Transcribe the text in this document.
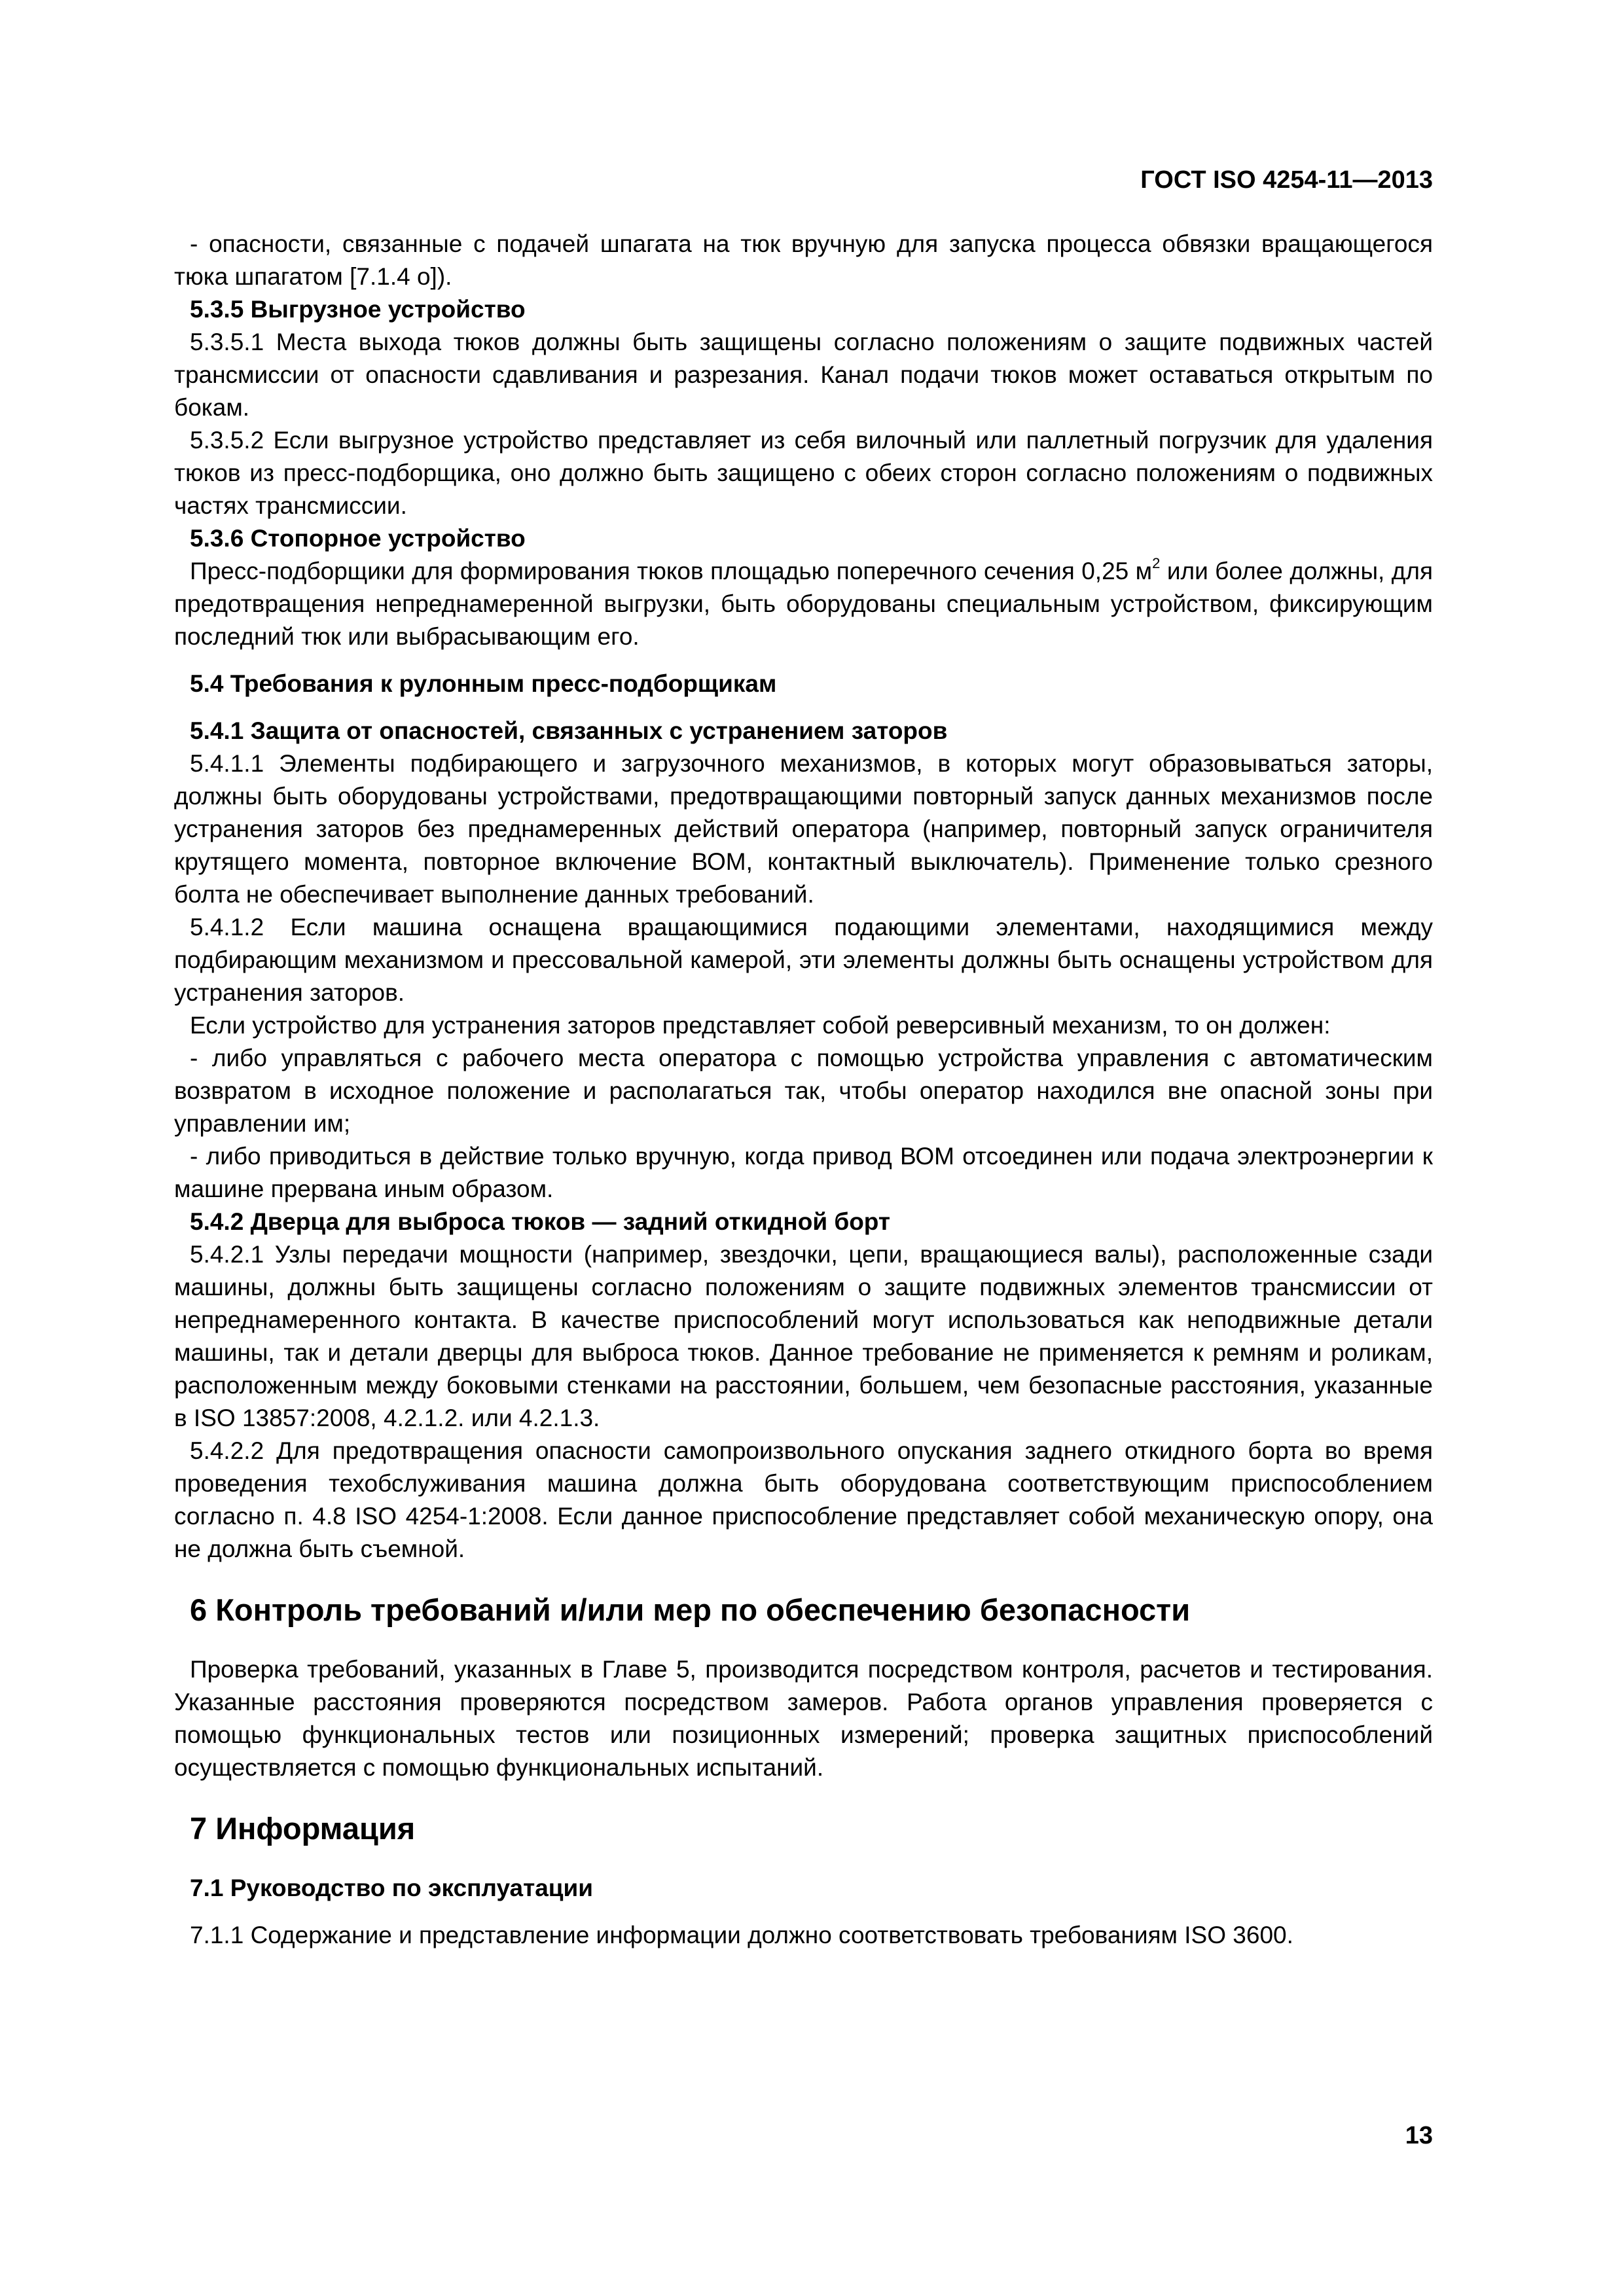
ГОСТ ISO 4254-11—2013

- опасности, связанные с подачей шпагата на тюк вручную для запуска процесса обвязки вращающегося тюка шпагатом [7.1.4 о]).

5.3.5 Выгрузное устройство

5.3.5.1 Места выхода тюков должны быть защищены согласно положениям о защите подвижных частей трансмиссии от опасности сдавливания и разрезания. Канал подачи тюков может оставаться открытым по бокам.

5.3.5.2 Если выгрузное устройство представляет из себя вилочный или паллетный погрузчик для удаления тюков из пресс-подборщика, оно должно быть защищено с обеих сторон согласно положениям о подвижных частях трансмиссии.

5.3.6 Стопорное устройство

Пресс-подборщики для формирования тюков площадью поперечного сечения 0,25 $м^2$ или более должны, для предотвращения непреднамеренной выгрузки, быть оборудованы специальным устройством, фиксирующим последний тюк или выбрасывающим его.

5.4 Требования к рулонным пресс-подборщикам

5.4.1 Защита от опасностей, связанных с устранением заторов

5.4.1.1 Элементы подбирающего и загрузочного механизмов, в которых могут образовываться заторы, должны быть оборудованы устройствами, предотвращающими повторный запуск данных механизмов после устранения заторов без преднамеренных действий оператора (например, повторный запуск ограничителя крутящего момента, повторное включение ВОМ, контактный выключатель). Применение только срезного болта не обеспечивает выполнение данных требований.

5.4.1.2 Если машина оснащена вращающимися подающими элементами, находящимися между подбирающим механизмом и прессовальной камерой, эти элементы должны быть оснащены устройством для устранения заторов.

Если устройство для устранения заторов представляет собой реверсивный механизм, то он должен:

- либо управляться с рабочего места оператора с помощью устройства управления с автоматическим возвратом в исходное положение и располагаться так, чтобы оператор находился вне опасной зоны при управлении им;

- либо приводиться в действие только вручную, когда привод ВОМ отсоединен или подача электроэнергии к машине прервана иным образом.

5.4.2 Дверца для выброса тюков — задний откидной борт

5.4.2.1 Узлы передачи мощности (например, звездочки, цепи, вращающиеся валы), расположенные сзади машины, должны быть защищены согласно положениям о защите подвижных элементов трансмиссии от непреднамеренного контакта. В качестве приспособлений могут использоваться как неподвижные детали машины, так и детали дверцы для выброса тюков. Данное требование не применяется к ремням и роликам, расположенным между боковыми стенками на расстоянии, большем, чем безопасные расстояния, указанные в ISO 13857:2008, 4.2.1.2. или 4.2.1.3.

5.4.2.2 Для предотвращения опасности самопроизвольного опускания заднего откидного борта во время проведения техобслуживания машина должна быть оборудована соответствующим приспособлением согласно п. 4.8 ISO 4254-1:2008. Если данное приспособление представляет собой механическую опору, она не должна быть съемной.

6 Контроль требований и/или мер по обеспечению безопасности

Проверка требований, указанных в Главе 5, производится посредством контроля, расчетов и тестирования. Указанные расстояния проверяются посредством замеров. Работа органов управления проверяется с помощью функциональных тестов или позиционных измерений; проверка защитных приспособлений осуществляется с помощью функциональных испытаний.

7 Информация

7.1 Руководство по эксплуатации

7.1.1 Содержание и представление информации должно соответствовать требованиям ISO 3600.

13
